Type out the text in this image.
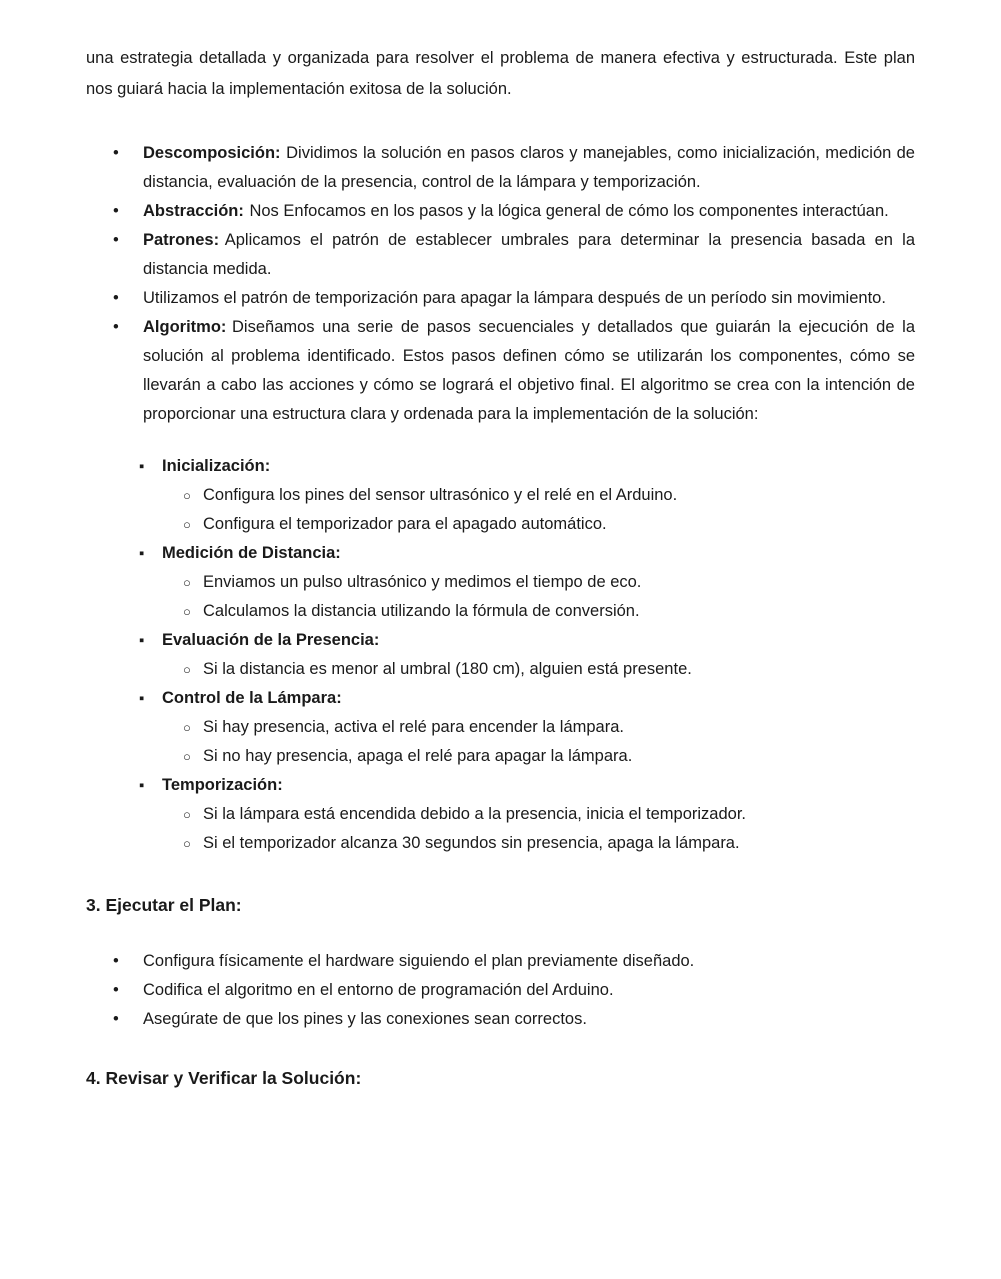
una estrategia detallada y organizada para resolver el problema de manera efectiva y estructurada. Este plan nos guiará hacia la implementación exitosa de la solución.

•	Descomposición: Dividimos la solución en pasos claros y manejables, como inicialización, medición de distancia, evaluación de la presencia, control de la lámpara y temporización.
•	Abstracción: Nos Enfocamos en los pasos y la lógica general de cómo los componentes interactúan.
•	Patrones: Aplicamos el patrón de establecer umbrales para determinar la presencia basada en la distancia medida.
•	Utilizamos el patrón de temporización para apagar la lámpara después de un período sin movimiento.
•	Algoritmo: Diseñamos una serie de pasos secuenciales y detallados que guiarán la ejecución de la solución al problema identificado. Estos pasos definen cómo se utilizarán los componentes, cómo se llevarán a cabo las acciones y cómo se logrará el objetivo final. El algoritmo se crea con la intención de proporcionar una estructura clara y ordenada para la implementación de la solución:
▪	Inicialización:
○ Configura los pines del sensor ultrasónico y el relé en el Arduino.
○ Configura el temporizador para el apagado automático.
▪	Medición de Distancia:
○ Enviamos un pulso ultrasónico y medimos el tiempo de eco.
○ Calculamos la distancia utilizando la fórmula de conversión.
▪	Evaluación de la Presencia:
○ Si la distancia es menor al umbral (180 cm), alguien está presente.
▪	Control de la Lámpara:
○ Si hay presencia, activa el relé para encender la lámpara.
○ Si no hay presencia, apaga el relé para apagar la lámpara.
▪	Temporización:
○ Si la lámpara está encendida debido a la presencia, inicia el temporizador.
○ Si el temporizador alcanza 30 segundos sin presencia, apaga la lámpara.
3. Ejecutar el Plan:
•	Configura físicamente el hardware siguiendo el plan previamente diseñado.
•	Codifica el algoritmo en el entorno de programación del Arduino.
•	Asegúrate de que los pines y las conexiones sean correctos.
4. Revisar y Verificar la Solución:
